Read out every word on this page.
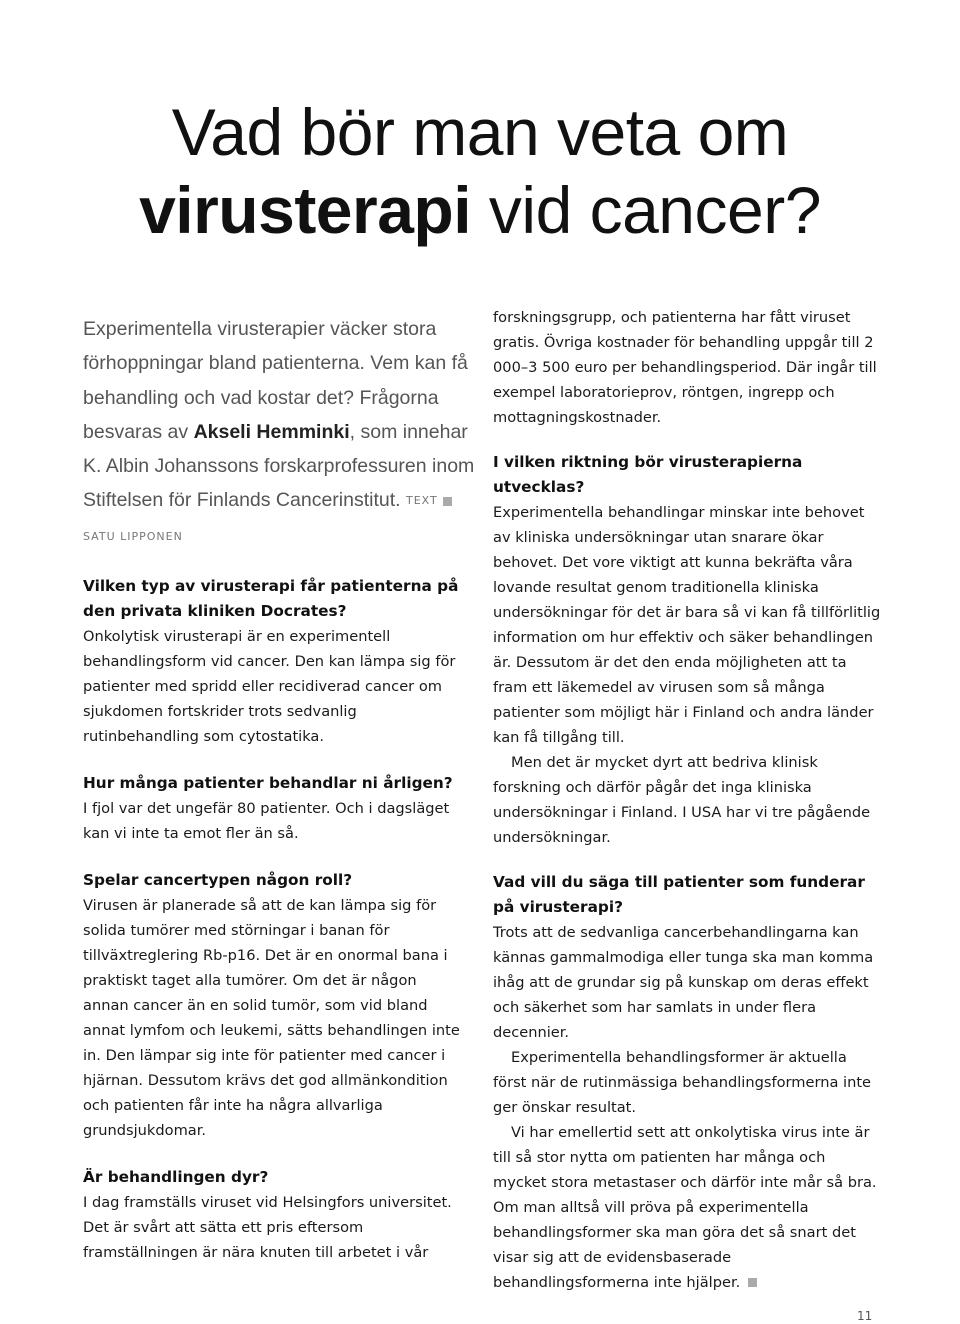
Vad bör man veta om
virusterapi vid cancer?

Experimentella virusterapier väcker stora förhoppningar bland patienterna. Vem kan få behandling och vad kostar det? Frågorna besvaras av Akseli Hemminki, som innehar K. Albin Johanssons forskarprofessuren inom Stiftelsen för Finlands Cancerinstitut. TEXTSATU LIPPONEN

Vilken typ av virusterapi får patienterna på den privata kliniken Docrates?

Onkolytisk virusterapi är en experimentell behandlingsform vid cancer. Den kan lämpa sig för patienter med spridd eller recidiverad cancer om sjukdomen fortskrider trots sedvanlig rutinbehandling som cytostatika.

Hur många patienter behandlar ni årligen?

I fjol var det ungefär 80 patienter. Och i dagsläget kan vi inte ta emot fler än så.

Spelar cancertypen någon roll?

Virusen är planerade så att de kan lämpa sig för solida tumörer med störningar i banan för tillväxtreglering Rb-p16. Det är en onormal bana i praktiskt taget alla tumörer. Om det är någon annan cancer än en solid tumör, som vid bland annat lymfom och leukemi, sätts behandlingen inte in. Den lämpar sig inte för patienter med cancer i hjärnan. Dessutom krävs det god allmänkondition och patienten får inte ha några allvarliga grundsjukdomar.

Är behandlingen dyr?

I dag framställs viruset vid Helsingfors universitet. Det är svårt att sätta ett pris eftersom framställningen är nära knuten till arbetet i vår

forskningsgrupp, och patienterna har fått viruset gratis. Övriga kostnader för behandling uppgår till 2 000–3 500 euro per behandlingsperiod. Där ingår till exempel laboratorieprov, röntgen, ingrepp och mottagningskostnader.

I vilken riktning bör virusterapierna utvecklas?

Experimentella behandlingar minskar inte behovet av kliniska undersökningar utan snarare ökar behovet. Det vore viktigt att kunna bekräfta våra lovande resultat genom traditionella kliniska undersökningar för det är bara så vi kan få tillförlitlig information om hur effektiv och säker behandlingen är. Dessutom är det den enda möjligheten att ta fram ett läkemedel av virusen som så många patienter som möjligt här i Finland och andra länder kan få tillgång till.

Men det är mycket dyrt att bedriva klinisk forskning och därför pågår det inga kliniska undersökningar i Finland. I USA har vi tre pågående undersökningar.

Vad vill du säga till patienter som funderar på virusterapi?

Trots att de sedvanliga cancerbehandlingarna kan kännas gammalmodiga eller tunga ska man komma ihåg att de grundar sig på kunskap om deras effekt och säkerhet som har samlats in under flera decennier.

Experimentella behandlingsformer är aktuella först när de rutinmässiga behandlingsformerna inte ger önskar resultat.

Vi har emellertid sett att onkolytiska virus inte är till så stor nytta om patienten har många och mycket stora metastaser och därför inte mår så bra. Om man alltså vill pröva på experimentella behandlingsformer ska man göra det så snart det visar sig att de evidensbaserade behandlingsformerna inte hjälper.

11
